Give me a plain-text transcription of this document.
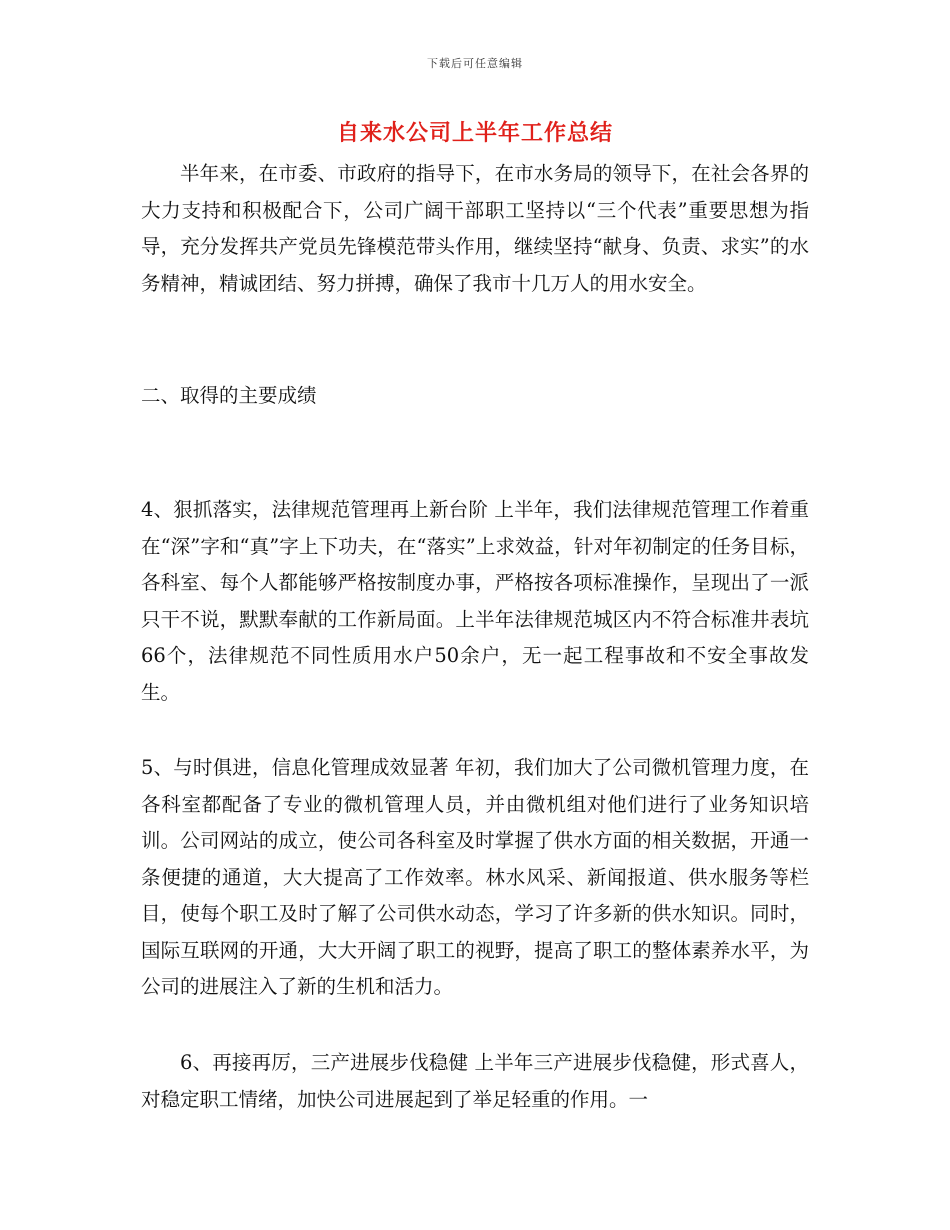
下载后可任意编辑
自来水公司上半年工作总结

半年来，在市委、市政府的指导下，在市水务局的领导下，在社会各界的大力支持和积极配合下，公司广阔干部职工坚持以“三个代表”重要思想为指导，充分发挥共产党员先锋模范带头作用，继续坚持“献身、负责、求实”的水务精神，精诚团结、努力拼搏，确保了我市十几万人的用水安全。

二、取得的主要成绩

4、狠抓落实，法律规范管理再上新台阶 上半年，我们法律规范管理工作着重在“深”字和“真”字上下功夫，在“落实”上求效益，针对年初制定的任务目标，各科室、每个人都能够严格按制度办事，严格按各项标准操作，呈现出了一派只干不说，默默奉献的工作新局面。上半年法律规范城区内不符合标准井表坑66个，法律规范不同性质用水户50余户，无一起工程事故和不安全事故发生。

5、与时俱进，信息化管理成效显著 年初，我们加大了公司微机管理力度，在各科室都配备了专业的微机管理人员，并由微机组对他们进行了业务知识培训。公司网站的成立，使公司各科室及时掌握了供水方面的相关数据，开通一条便捷的通道，大大提高了工作效率。林水风采、新闻报道、供水服务等栏目，使每个职工及时了解了公司供水动态，学习了许多新的供水知识。同时，国际互联网的开通，大大开阔了职工的视野，提高了职工的整体素养水平，为公司的进展注入了新的生机和活力。

6、再接再厉，三产进展步伐稳健 上半年三产进展步伐稳健，形式喜人，对稳定职工情绪，加快公司进展起到了举足轻重的作用。一
